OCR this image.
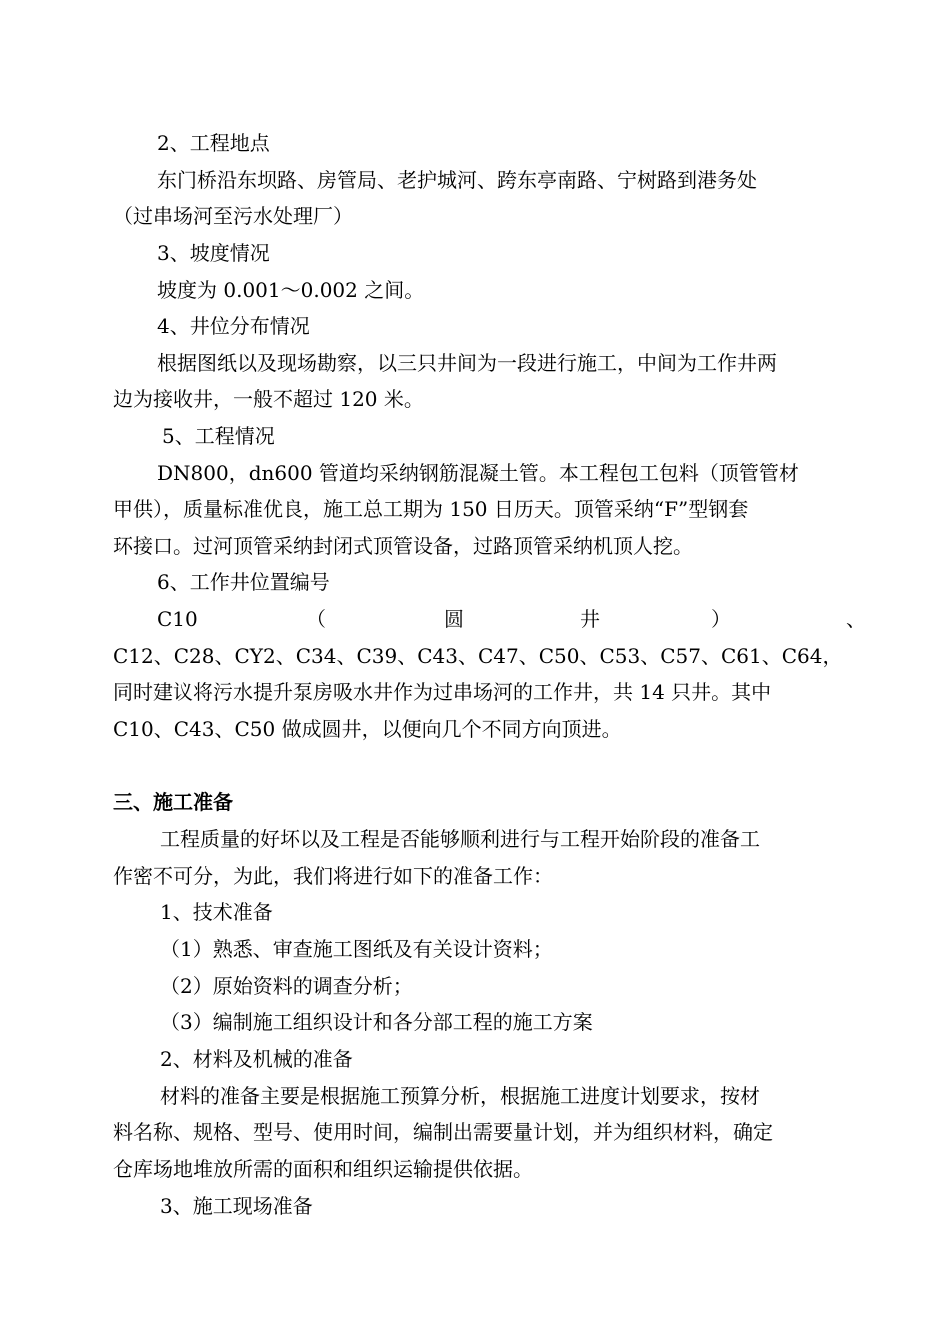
2、工程地点
东门桥沿东坝路、房管局、老护城河、跨东亭南路、宁树路到港务处
（过串场河至污水处理厂）
3、坡度情况
坡度为 0.001～0.002 之间。
4、井位分布情况
根据图纸以及现场勘察，以三只井间为一段进行施工，中间为工作井两
边为接收井，一般不超过 120 米。
5、工程情况
DN800，dn600 管道均采纳钢筋混凝土管。本工程包工包料（顶管管材
甲供），质量标准优良，施工总工期为 150 日历天。顶管采纳“F”型钢套
环接口。过河顶管采纳封闭式顶管设备，过路顶管采纳机顶人挖。
6、工作井位置编号
C10	（	圆	井	）	、
C12、C28、CY2、C34、C39、C43、C47、C50、C53、C57、C61、C64，
同时建议将污水提升泵房吸水井作为过串场河的工作井，共 14 只井。其中
C10、C43、C50 做成圆井，以便向几个不同方向顶进。
三、施工准备
工程质量的好坏以及工程是否能够顺利进行与工程开始阶段的准备工
作密不可分，为此，我们将进行如下的准备工作：
1、技术准备
（1）熟悉、审查施工图纸及有关设计资料；
（2）原始资料的调查分析；
（3）编制施工组织设计和各分部工程的施工方案
2、材料及机械的准备
材料的准备主要是根据施工预算分析，根据施工进度计划要求，按材
料名称、规格、型号、使用时间，编制出需要量计划，并为组织材料，确定
仓库场地堆放所需的面积和组织运输提供依据。
3、施工现场准备
